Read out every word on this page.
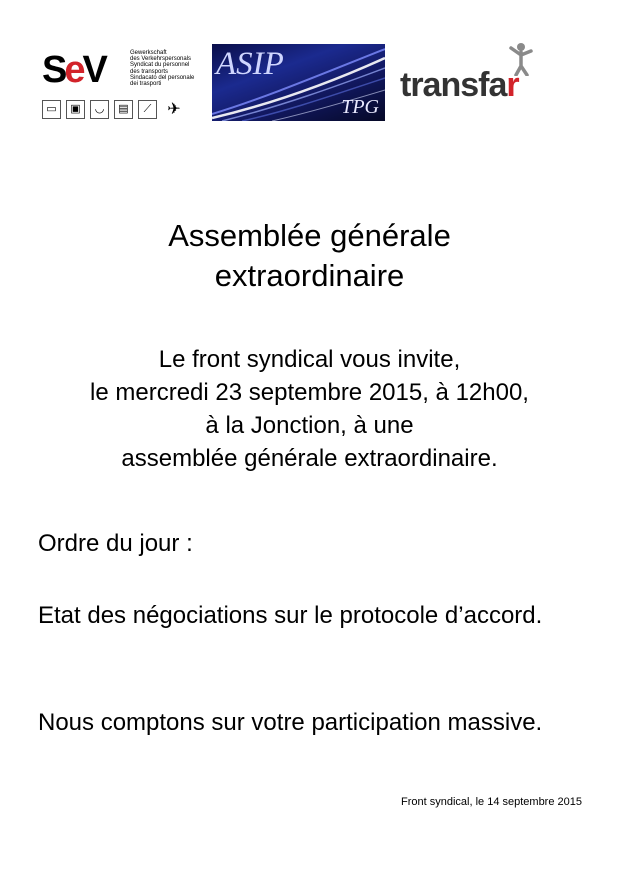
SeV	Gewerkschaft
des Verkehrspersonals
Syndicat du personnel
des transports
Sindacato del personale
dei trasporti
▭	▣	◡	▤	⟋ ✈
ASIP
TPG
transfar
Assemblée générale
extraordinaire
Le front syndical vous invite,
le mercredi 23 septembre 2015, à 12h00,
à la Jonction, à une
assemblée générale extraordinaire.
Ordre du jour :
Etat des négociations sur le protocole d’accord.
Nous comptons sur votre participation massive.
Front syndical, le 14 septembre 2015
